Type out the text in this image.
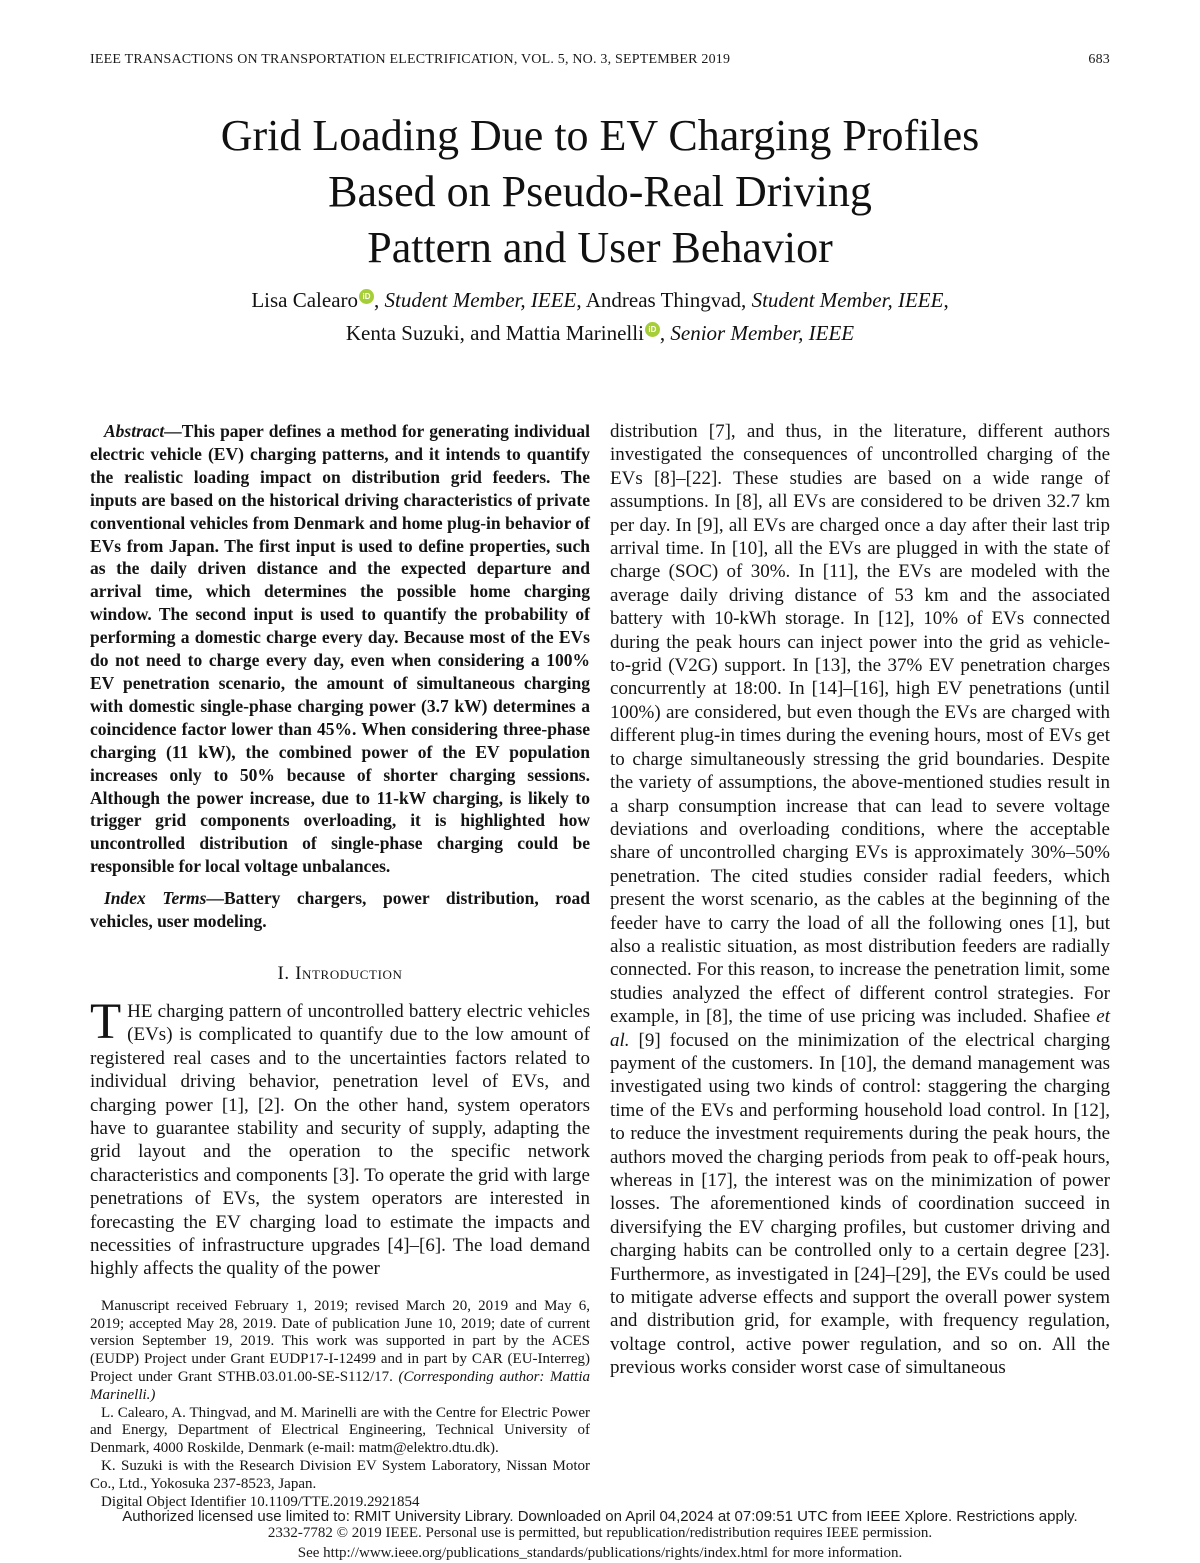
IEEE TRANSACTIONS ON TRANSPORTATION ELECTRIFICATION, VOL. 5, NO. 3, SEPTEMBER 2019	683
Grid Loading Due to EV Charging Profiles
Based on Pseudo-Real Driving
Pattern and User Behavior
Lisa Calearo iD , Student Member, IEEE, Andreas Thingvad, Student Member, IEEE,
Kenta Suzuki, and Mattia Marinelli iD , Senior Member, IEEE

Abstract—This paper defines a method for generating individual electric vehicle (EV) charging patterns, and it intends to quantify the realistic loading impact on distribution grid feeders. The inputs are based on the historical driving characteristics of private conventional vehicles from Denmark and home plug-in behavior of EVs from Japan. The first input is used to define properties, such as the daily driven distance and the expected departure and arrival time, which determines the possible home charging window. The second input is used to quantify the probability of performing a domestic charge every day. Because most of the EVs do not need to charge every day, even when considering a 100% EV penetration scenario, the amount of simultaneous charging with domestic single-phase charging power (3.7 kW) determines a coincidence factor lower than 45%. When considering three-phase charging (11 kW), the combined power of the EV population increases only to 50% because of shorter charging sessions. Although the power increase, due to 11-kW charging, is likely to trigger grid components overloading, it is highlighted how uncontrolled distribution of single-phase charging could be responsible for local voltage unbalances.

Index Terms—Battery chargers, power distribution, road vehicles, user modeling.

I. Introduction

THE charging pattern of uncontrolled battery electric vehicles (EVs) is complicated to quantify due to the low amount of registered real cases and to the uncertainties factors related to individual driving behavior, penetration level of EVs, and charging power [1], [2]. On the other hand, system operators have to guarantee stability and security of supply, adapting the grid layout and the operation to the specific network characteristics and components [3]. To operate the grid with large penetrations of EVs, the system operators are interested in forecasting the EV charging load to estimate the impacts and necessities of infrastructure upgrades [4]–[6]. The load demand highly affects the quality of the power

Manuscript received February 1, 2019; revised March 20, 2019 and May 6, 2019; accepted May 28, 2019. Date of publication June 10, 2019; date of current version September 19, 2019. This work was supported in part by the ACES (EUDP) Project under Grant EUDP17-I-12499 and in part by CAR (EU-Interreg) Project under Grant STHB.03.01.00-SE-S112/17. (Corresponding author: Mattia Marinelli.)

L. Calearo, A. Thingvad, and M. Marinelli are with the Centre for Electric Power and Energy, Department of Electrical Engineering, Technical University of Denmark, 4000 Roskilde, Denmark (e-mail: matm@elektro.dtu.dk).

K. Suzuki is with the Research Division EV System Laboratory, Nissan Motor Co., Ltd., Yokosuka 237-8523, Japan.

Digital Object Identifier 10.1109/TTE.2019.2921854

distribution [7], and thus, in the literature, different authors investigated the consequences of uncontrolled charging of the EVs [8]–[22]. These studies are based on a wide range of assumptions. In [8], all EVs are considered to be driven 32.7 km per day. In [9], all EVs are charged once a day after their last trip arrival time. In [10], all the EVs are plugged in with the state of charge (SOC) of 30%. In [11], the EVs are modeled with the average daily driving distance of 53 km and the associated battery with 10-kWh storage. In [12], 10% of EVs connected during the peak hours can inject power into the grid as vehicle-to-grid (V2G) support. In [13], the 37% EV penetration charges concurrently at 18:00. In [14]–[16], high EV penetrations (until 100%) are considered, but even though the EVs are charged with different plug-in times during the evening hours, most of EVs get to charge simultaneously stressing the grid boundaries. Despite the variety of assumptions, the above-mentioned studies result in a sharp consumption increase that can lead to severe voltage deviations and overloading conditions, where the acceptable share of uncontrolled charging EVs is approximately 30%–50% penetration. The cited studies consider radial feeders, which present the worst scenario, as the cables at the beginning of the feeder have to carry the load of all the following ones [1], but also a realistic situation, as most distribution feeders are radially connected. For this reason, to increase the penetration limit, some studies analyzed the effect of different control strategies. For example, in [8], the time of use pricing was included. Shafiee et al. [9] focused on the minimization of the electrical charging payment of the customers. In [10], the demand management was investigated using two kinds of control: staggering the charging time of the EVs and performing household load control. In [12], to reduce the investment requirements during the peak hours, the authors moved the charging periods from peak to off-peak hours, whereas in [17], the interest was on the minimization of power losses. The aforementioned kinds of coordination succeed in diversifying the EV charging profiles, but customer driving and charging habits can be controlled only to a certain degree [23]. Furthermore, as investigated in [24]–[29], the EVs could be used to mitigate adverse effects and support the overall power system and distribution grid, for example, with frequency regulation, voltage control, active power regulation, and so on. All the previous works consider worst case of simultaneous

2332-7782 © 2019 IEEE. Personal use is permitted, but republication/redistribution requires IEEE permission.
See http://www.ieee.org/publications_standards/publications/rights/index.html for more information.
Authorized licensed use limited to: RMIT University Library. Downloaded on April 04,2024 at 07:09:51 UTC from IEEE Xplore. Restrictions apply.
